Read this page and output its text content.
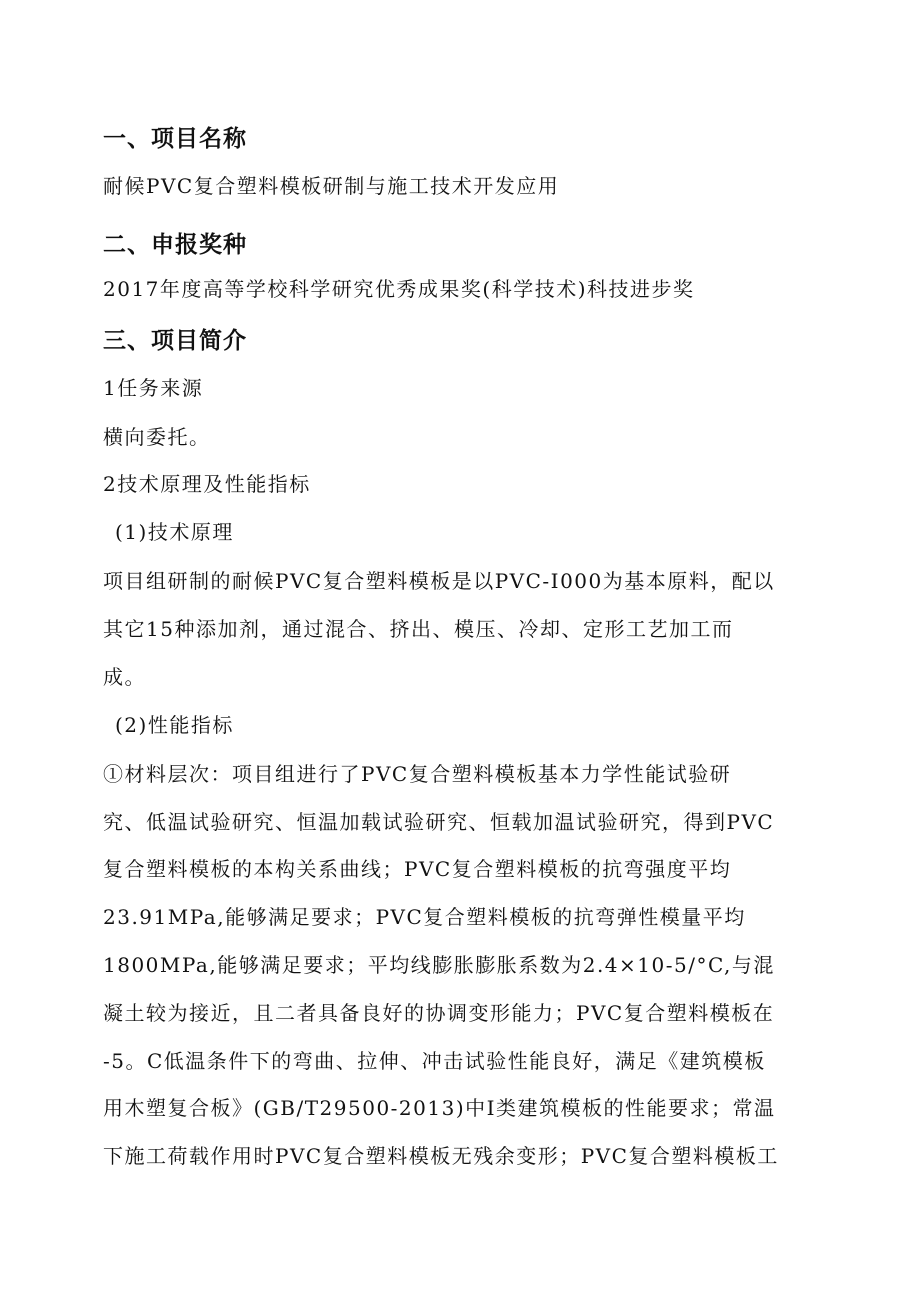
一、项目名称

耐候PVC复合塑料模板研制与施工技术开发应用

二、申报奖种

2017年度高等学校科学研究优秀成果奖(科学技术)科技进步奖

三、项目简介

1任务来源

横向委托。

2技术原理及性能指标

(1)技术原理

项目组研制的耐候PVC复合塑料模板是以PVC-I000为基本原料，配以

其它15种添加剂，通过混合、挤出、模压、冷却、定形工艺加工而

成。

(2)性能指标

①材料层次：项目组进行了PVC复合塑料模板基本力学性能试验研

究、低温试验研究、恒温加载试验研究、恒载加温试验研究，得到PVC

复合塑料模板的本构关系曲线；PVC复合塑料模板的抗弯强度平均

23.91MPa,能够满足要求；PVC复合塑料模板的抗弯弹性模量平均

1800MPa,能够满足要求；平均线膨胀膨胀系数为2.4×10-5/°C,与混

凝土较为接近，且二者具备良好的协调变形能力；PVC复合塑料模板在

-5。C低温条件下的弯曲、拉伸、冲击试验性能良好，满足《建筑模板

用木塑复合板》(GB/T29500-2013)中I类建筑模板的性能要求；常温

下施工荷载作用时PVC复合塑料模板无残余变形；PVC复合塑料模板工
